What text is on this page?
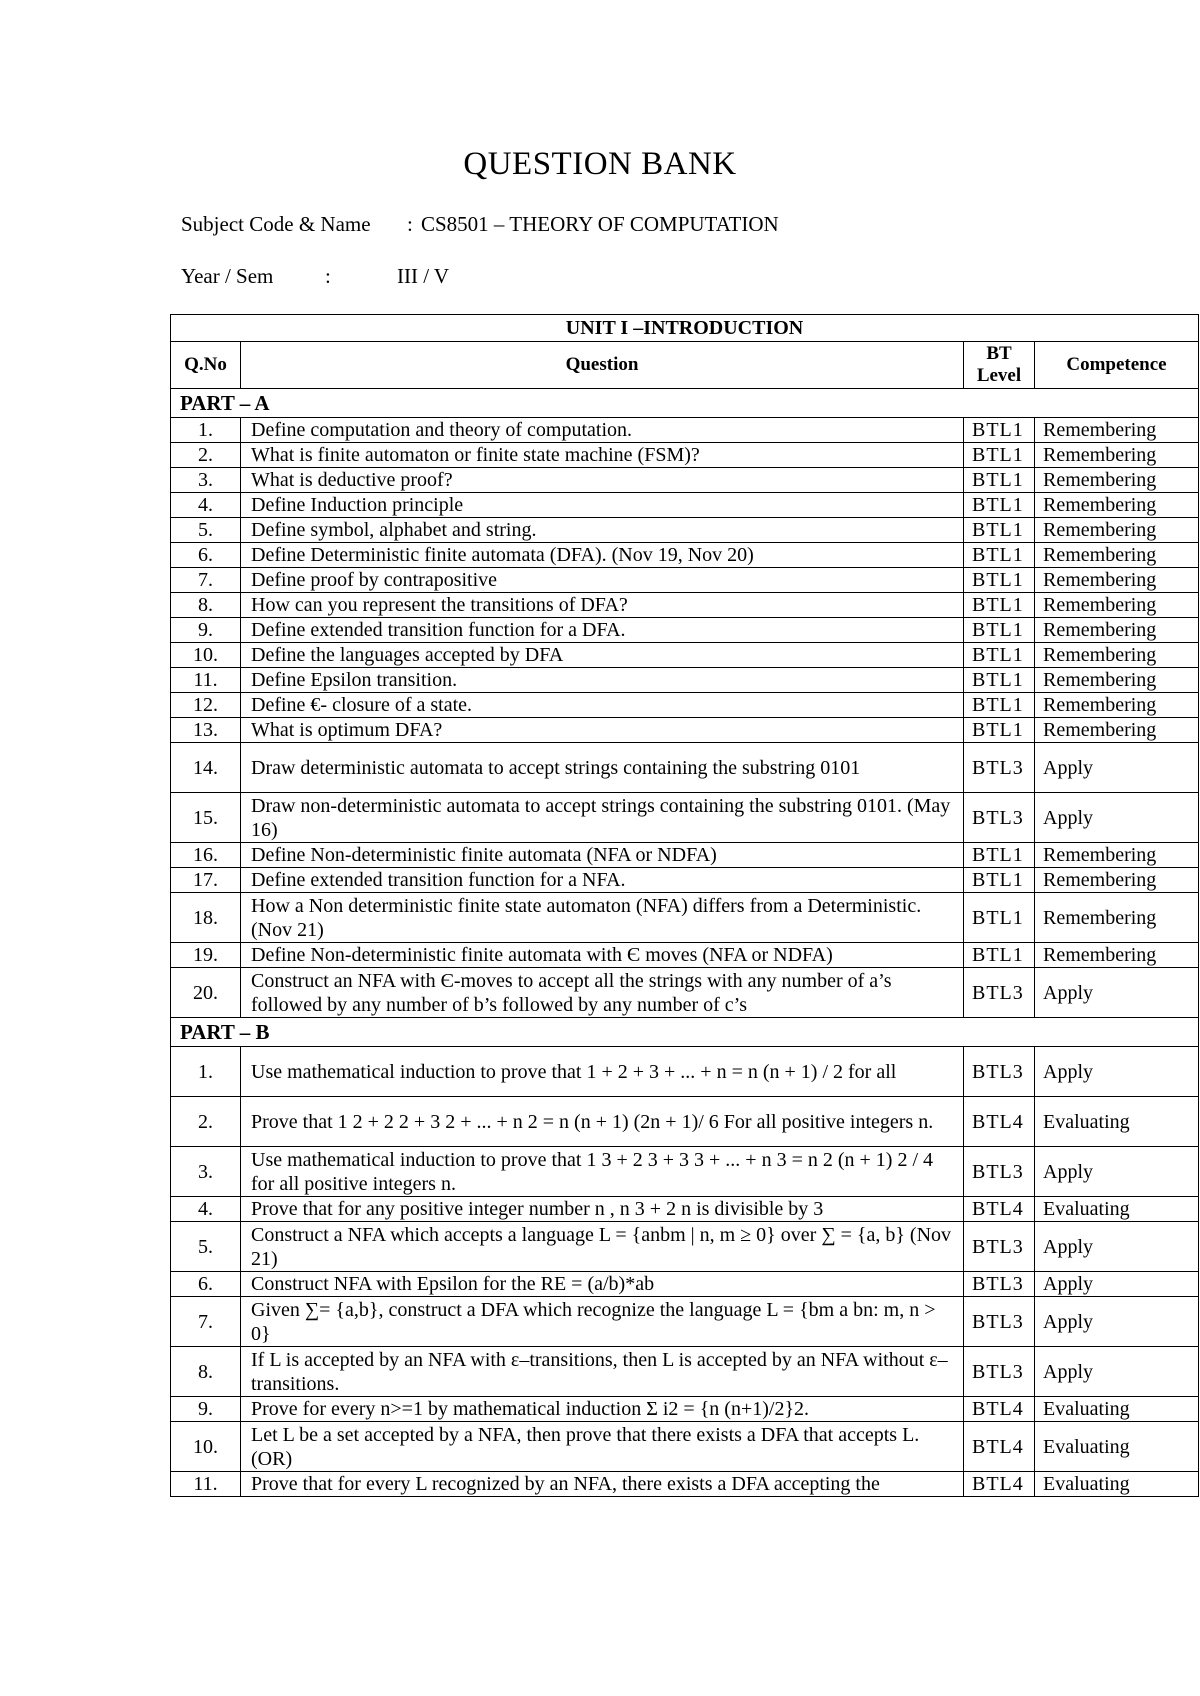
QUESTION BANK
Subject Code & Name : CS8501 – THEORY OF COMPUTATION
Year / Sem :	III / V
UNIT I –INTRODUCTION			
Q.No	Question	BT Level	Competence
PART – A			
1.	Define computation and theory of computation.	BTL1	Remembering
2.	What is finite automaton or finite state machine (FSM)?	BTL1	Remembering
3.	What is deductive proof?	BTL1	Remembering
4.	Define Induction principle	BTL1	Remembering
5.	Define symbol, alphabet and string.	BTL1	Remembering
6.	Define Deterministic finite automata (DFA). (Nov 19, Nov 20)	BTL1	Remembering
7.	Define proof by contrapositive	BTL1	Remembering
8.	How can you represent the transitions of DFA?	BTL1	Remembering
9.	Define extended transition function for a DFA.	BTL1	Remembering
10.	Define the languages accepted by DFA	BTL1	Remembering
11.	Define Epsilon transition.	BTL1	Remembering
12.	Define €- closure of a state.	BTL1	Remembering
13.	What is optimum DFA?	BTL1	Remembering
14.	Draw deterministic automata to accept strings containing the substring 0101	BTL3	Apply
15.	Draw non-deterministic automata to accept strings containing the substring 0101. (May 16)	BTL3	Apply
16.	Define Non-deterministic finite automata (NFA or NDFA)	BTL1	Remembering
17.	Define extended transition function for a NFA.	BTL1	Remembering
18.	How a Non deterministic finite state automaton (NFA) differs from a Deterministic. (Nov 21)	BTL1	Remembering
19.	Define Non-deterministic finite automata with Є moves (NFA or NDFA)	BTL1	Remembering
20.	Construct an NFA with Є-moves to accept all the strings with any number of a’s followed by any number of b’s followed by any number of c’s	BTL3	Apply
PART – B			
1.	Use mathematical induction to prove that 1 + 2 + 3 + ... + n = n (n + 1) / 2 for all	BTL3	Apply
2.	Prove that 1 2 + 2 2 + 3 2 + ... + n 2 = n (n + 1) (2n + 1)/ 6 For all positive integers n.	BTL4	Evaluating
3.	Use mathematical induction to prove that 1 3 + 2 3 + 3 3 + ... + n 3 = n 2 (n + 1) 2 / 4 for all positive integers n.	BTL3	Apply
4.	Prove that for any positive integer number n , n 3 + 2 n is divisible by 3	BTL4	Evaluating
5.	Construct a NFA which accepts a language L = {anbm | n, m ≥ 0} over ∑ = {a, b} (Nov 21)	BTL3	Apply
6.	Construct NFA with Epsilon for the RE = (a/b)*ab	BTL3	Apply
7.	Given ∑= {a,b}, construct a DFA which recognize the language L = {bm a bn: m, n > 0}	BTL3	Apply
8.	If L is accepted by an NFA with ε–transitions, then L is accepted by an NFA without ε–transitions.	BTL3	Apply
9.	Prove for every n>=1 by mathematical induction Σ i2 = {n (n+1)/2}2.	BTL4	Evaluating
10.	Let L be a set accepted by a NFA, then prove that there exists a DFA that accepts L. (OR)	BTL4	Evaluating
11.	Prove that for every L recognized by an NFA, there exists a DFA accepting the	BTL4	Evaluating
